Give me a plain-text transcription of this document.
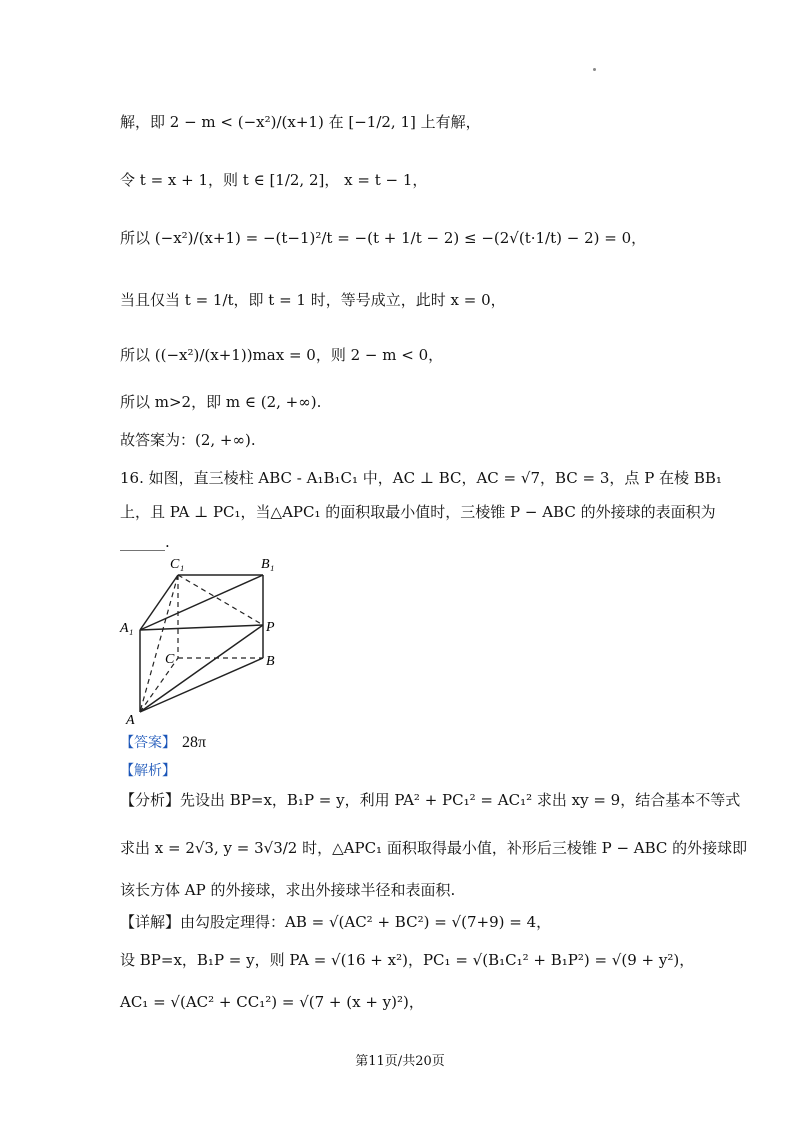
解，即 2 − m < (−x²)/(x+1) 在 [−1/2, 1] 上有解，
令 t = x + 1，则 t ∈ [1/2, 2]， x = t − 1，
所以 (−x²)/(x+1) = −(t−1)²/t = −(t + 1/t − 2) ≤ −(2√(t·1/t) − 2) = 0，
当且仅当 t = 1/t，即 t = 1 时，等号成立，此时 x = 0，
所以 ((−x²)/(x+1))max = 0，则 2 − m < 0，
所以 m>2，即 m ∈ (2, +∞).
故答案为：(2, +∞).
16. 如图，直三棱柱 ABC - A₁B₁C₁ 中，AC ⊥ BC，AC = √7，BC = 3，点 P 在棱 BB₁
上，且 PA ⊥ PC₁，当△APC₁ 的面积取最小值时，三棱锥 P − ABC 的外接球的表面积为
______.
C₁	B₁
A₁	P
C	B
A
【答案】 28π
【解析】
【分析】先设出 BP=x，B₁P = y，利用 PA² + PC₁² = AC₁² 求出 xy = 9，结合基本不等式
求出 x = 2√3, y = 3√3/2 时，△APC₁ 面积取得最小值，补形后三棱锥 P − ABC 的外接球即
该长方体 AP 的外接球，求出外接球半径和表面积.
【详解】由勾股定理得：AB = √(AC² + BC²) = √(7+9) = 4，
设 BP=x，B₁P = y，则 PA = √(16 + x²)，PC₁ = √(B₁C₁² + B₁P²) = √(9 + y²)，
AC₁ = √(AC² + CC₁²) = √(7 + (x + y)²)，
第11页/共20页
